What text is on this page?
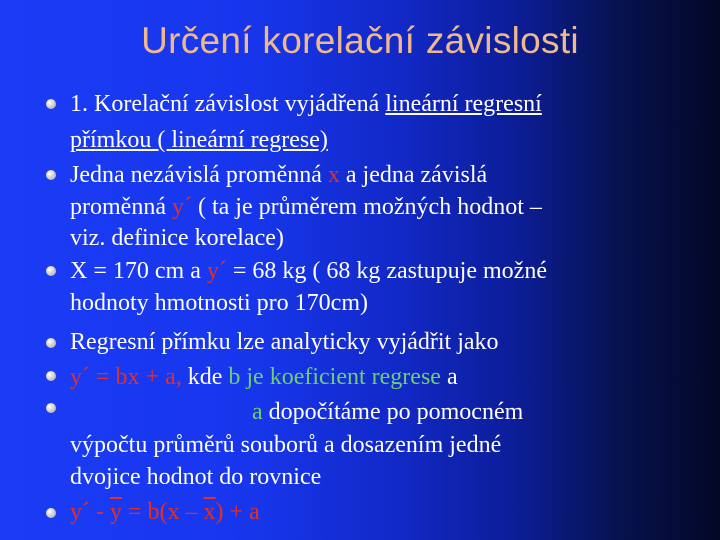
Určení korelační závislosti
1. Korelační závislost vyjádřená lineární regresní
přímkou ( lineární regrese)
Jedna nezávislá proměnná x a jedna závislá
proměnná y´ ( ta je průměrem možných hodnot –
viz. definice korelace)
X = 170 cm a y´ = 68 kg ( 68 kg zastupuje možné
hodnoty hmotnosti pro 170cm)
Regresní přímku lze analyticky vyjádřit jako
y´ = bx + a, kde b je koeficient regrese a
a dopočítáme po pomocném
výpočtu průměrů souborů a dosazením jedné
dvojice hodnot do rovnice
y´ - $\overline{y} = b(x - \overline{x}) + a$
